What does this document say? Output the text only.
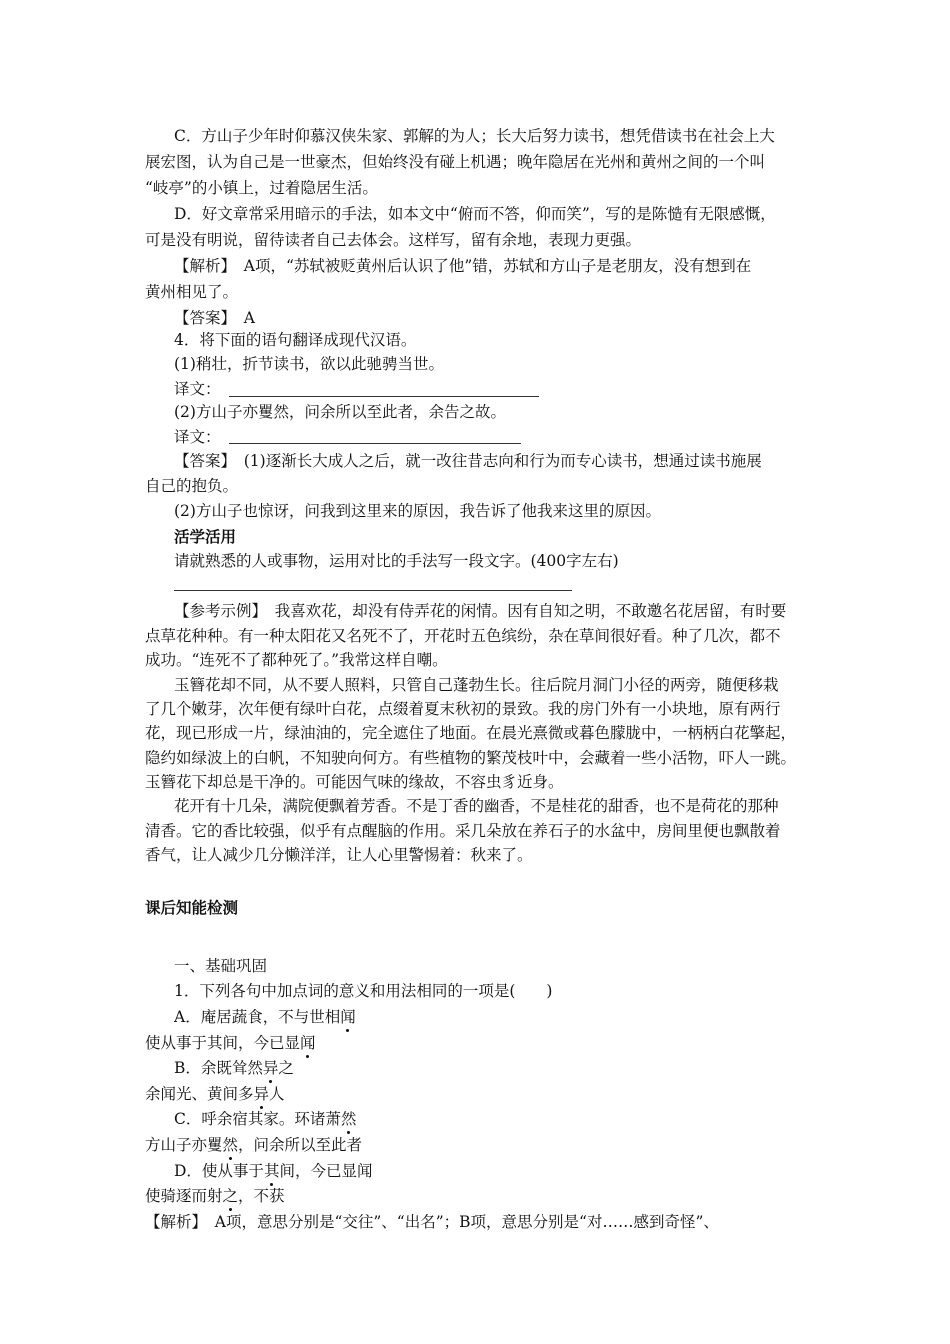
C．方山子少年时仰慕汉侠朱家、郭解的为人；长大后努力读书，想凭借读书在社会上大
展宏图，认为自己是一世豪杰，但始终没有碰上机遇；晚年隐居在光州和黄州之间的一个叫
“岐亭”的小镇上，过着隐居生活。
D．好文章常采用暗示的手法，如本文中“俯而不答，仰而笑”，写的是陈慥有无限感慨，
可是没有明说，留待读者自己去体会。这样写，留有余地，表现力更强。
【解析】　A项，“苏轼被贬黄州后认识了他”错，苏轼和方山子是老朋友，没有想到在
黄州相见了。
【答案】　A
4．将下面的语句翻译成现代汉语。
(1)稍壮，折节读书，欲以此驰骋当世。
译文：
(2)方山子亦矍然，问余所以至此者，余告之故。
译文：
【答案】　(1)逐渐长大成人之后，就一改往昔志向和行为而专心读书，想通过读书施展
自己的抱负。
(2)方山子也惊讶，问我到这里来的原因，我告诉了他我来这里的原因。
活学活用
请就熟悉的人或事物，运用对比的手法写一段文字。(400字左右)
【参考示例】　我喜欢花，却没有侍弄花的闲情。因有自知之明，不敢邀名花居留，有时要
点草花种种。有一种太阳花又名死不了，开花时五色缤纷，杂在草间很好看。种了几次，都不
成功。“连死不了都种死了。”我常这样自嘲。
玉簪花却不同，从不要人照料，只管自己蓬勃生长。往后院月洞门小径的两旁，随便移栽
了几个嫩芽，次年便有绿叶白花，点缀着夏末秋初的景致。我的房门外有一小块地，原有两行
花，现已形成一片，绿油油的，完全遮住了地面。在晨光熹微或暮色朦胧中，一柄柄白花擎起，
隐约如绿波上的白帆，不知驶向何方。有些植物的繁茂枝叶中，会藏着一些小活物，吓人一跳。
玉簪花下却总是干净的。可能因气味的缘故，不容虫豸近身。
花开有十几朵，满院便飘着芳香。不是丁香的幽香，不是桂花的甜香，也不是荷花的那种
清香。它的香比较强，似乎有点醒脑的作用。采几朵放在养石子的水盆中，房间里便也飘散着
香气，让人减少几分懒洋洋，让人心里警惕着：秋来了。
课后知能检测
一、基础巩固
1．下列各句中加点词的意义和用法相同的一项是(　　)
A．庵居蔬食，不与世相闻
使从事于其间，今已显闻
B．余既耸然异之
余闻光、黄间多异人
C．呼余宿其家。环诸萧然
方山子亦矍然，问余所以至此者
D．使从事于其间，今已显闻
使骑逐而射之，不获
【解析】　A项，意思分别是“交往”、“出名”；B项，意思分别是“对……感到奇怪”、
